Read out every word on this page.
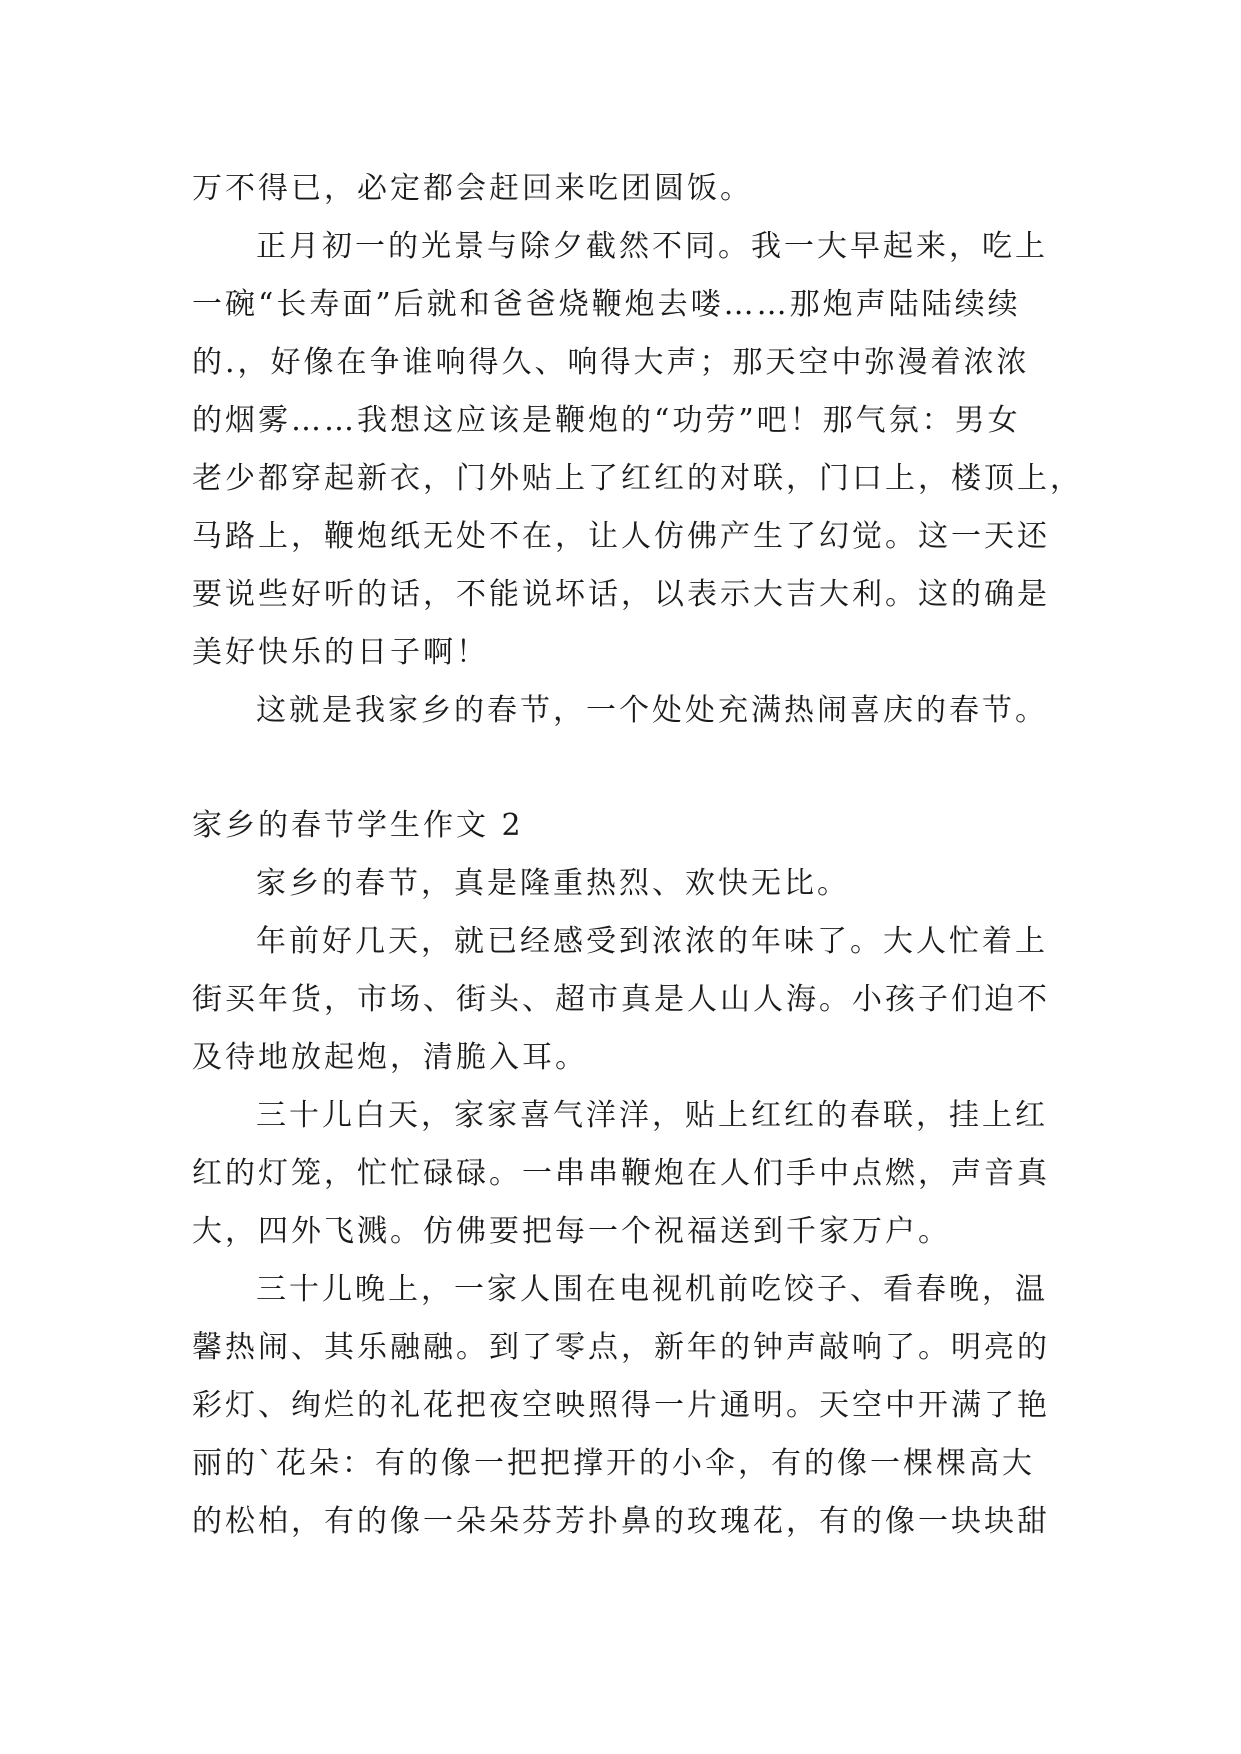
万不得已，必定都会赶回来吃团圆饭。
正月初一的光景与除夕截然不同。我一大早起来，吃上
一碗“长寿面”后就和爸爸烧鞭炮去喽……那炮声陆陆续续
的.，好像在争谁响得久、响得大声；那天空中弥漫着浓浓
的烟雾……我想这应该是鞭炮的“功劳”吧！那气氛：男女
老少都穿起新衣，门外贴上了红红的对联，门口上，楼顶上，
马路上，鞭炮纸无处不在，让人仿佛产生了幻觉。这一天还
要说些好听的话，不能说坏话，以表示大吉大利。这的确是
美好快乐的日子啊！
这就是我家乡的春节，一个处处充满热闹喜庆的春节。
家乡的春节学生作文 2
家乡的春节，真是隆重热烈、欢快无比。
年前好几天，就已经感受到浓浓的年味了。大人忙着上
街买年货，市场、街头、超市真是人山人海。小孩子们迫不
及待地放起炮，清脆入耳。
三十儿白天，家家喜气洋洋，贴上红红的春联，挂上红
红的灯笼，忙忙碌碌。一串串鞭炮在人们手中点燃，声音真
大，四外飞溅。仿佛要把每一个祝福送到千家万户。
三十儿晚上，一家人围在电视机前吃饺子、看春晚，温
馨热闹、其乐融融。到了零点，新年的钟声敲响了。明亮的
彩灯、绚烂的礼花把夜空映照得一片通明。天空中开满了艳
丽的`花朵：有的像一把把撑开的小伞，有的像一棵棵高大
的松柏，有的像一朵朵芬芳扑鼻的玫瑰花，有的像一块块甜
